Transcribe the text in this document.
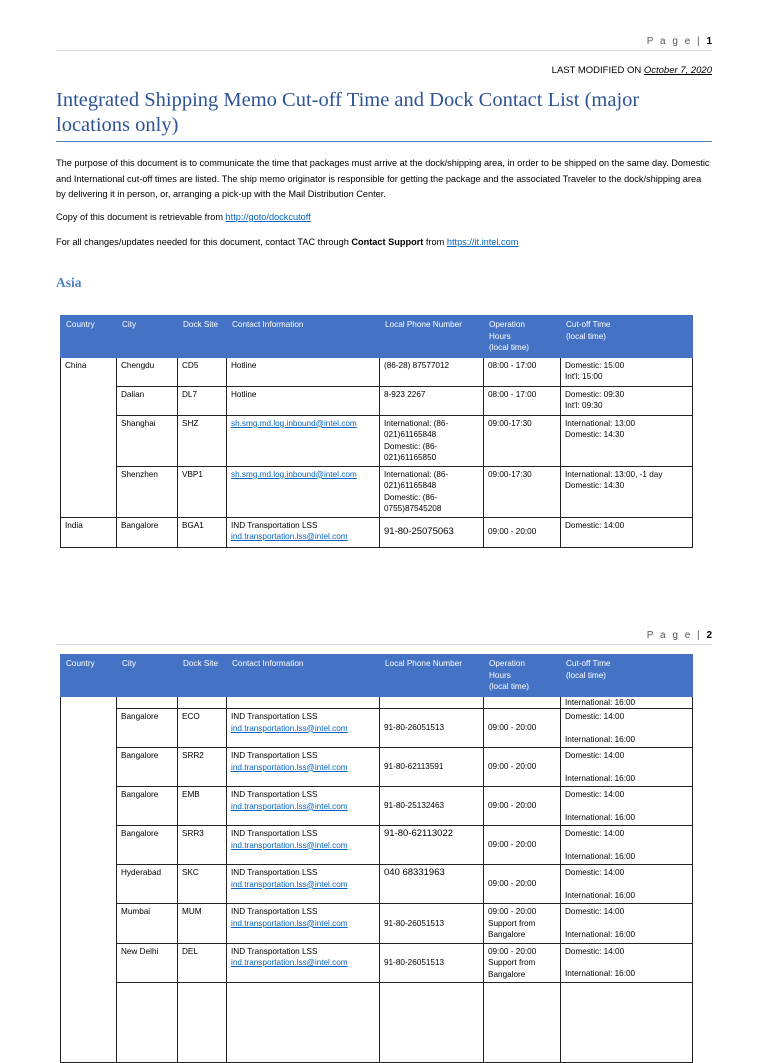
P a g e | 1
LAST MODIFIED ON October 7, 2020
Integrated Shipping Memo Cut-off Time and Dock Contact List (major locations only)

The purpose of this document is to communicate the time that packages must arrive at the dock/shipping area, in order to be shipped on the same day. Domestic and International cut-off times are listed. The ship memo originator is responsible for getting the package and the associated Traveler to the dock/shipping area by delivering it in person, or, arranging a pick-up with the Mail Distribution Center.

Copy of this document is retrievable from http://goto/dockcutoff

For all changes/updates needed for this document, contact TAC through Contact Support from https://it.intel.com

Asia
Country	City	Dock Site	Contact Information	Local Phone Number	Operation
Hours
(local time)	Cut-off Time
(local time)

China	Chengdu	CD5	Hotline	(86-28) 87577012	08:00 - 17:00	Domestic: 15:00
Int'l: 15:00

	Dalian	DL7	Hotline	8-923 2267	08:00 - 17:00	Domestic: 09:30
Int'l: 09:30

	Shanghai	SHZ	sh.smg.md.log.inbound@intel.com	International: (86-
021)61165848
Domestic: (86-
021)61165850	09:00-17:30	International: 13:00
Domestic: 14:30

	Shenzhen	VBP1	sh.smg.md.log.inbound@intel.com	International: (86-
021)61165848
Domestic: (86-
0755)87545208	09:00-17:30	International: 13:00, -1 day
Domestic: 14:30

India	Bangalore	BGA1	IND Transportation LSS
ind.transportation.lss@intel.com	91-80-25075063	09:00 - 20:00	Domestic: 14:00
P a g e | 2
Country	City	Dock Site	Contact Information	Local Phone Number	Operation
Hours
(local time)	Cut-off Time
(local time)

						International: 16:00
	Bangalore	ECO	IND Transportation LSS
ind.transportation.lss@intel.com	91-80-26051513	09:00 - 20:00	Domestic: 14:00
International: 16:00

	Bangalore	SRR2	IND Transportation LSS
ind.transportation.lss@intel.com	91-80-62113591	09:00 - 20:00	Domestic: 14:00
International: 16:00

	Bangalore	EMB	IND Transportation LSS
ind.transportation.lss@intel.com	91-80-25132463	09:00 - 20:00	Domestic: 14:00
International: 16:00

	Bangalore	SRR3	IND Transportation LSS
ind.transportation.lss@intel.com	91-80-62113022	09:00 - 20:00	Domestic: 14:00
International: 16:00

	Hyderabad	SKC	IND Transportation LSS
ind.transportation.lss@intel.com	040 68331963	09:00 - 20:00	Domestic: 14:00
International: 16:00

	Mumbai	MUM	IND Transportation LSS
ind.transportation.lss@intel.com	91-80-26051513	09:00 - 20:00
Support from
Bangalore	Domestic: 14:00
International: 16:00

	New Delhi	DEL	IND Transportation LSS
ind.transportation.lss@intel.com	91-80-26051513	09:00 - 20:00
Support from
Bangalore	Domestic: 14:00
International: 16:00
